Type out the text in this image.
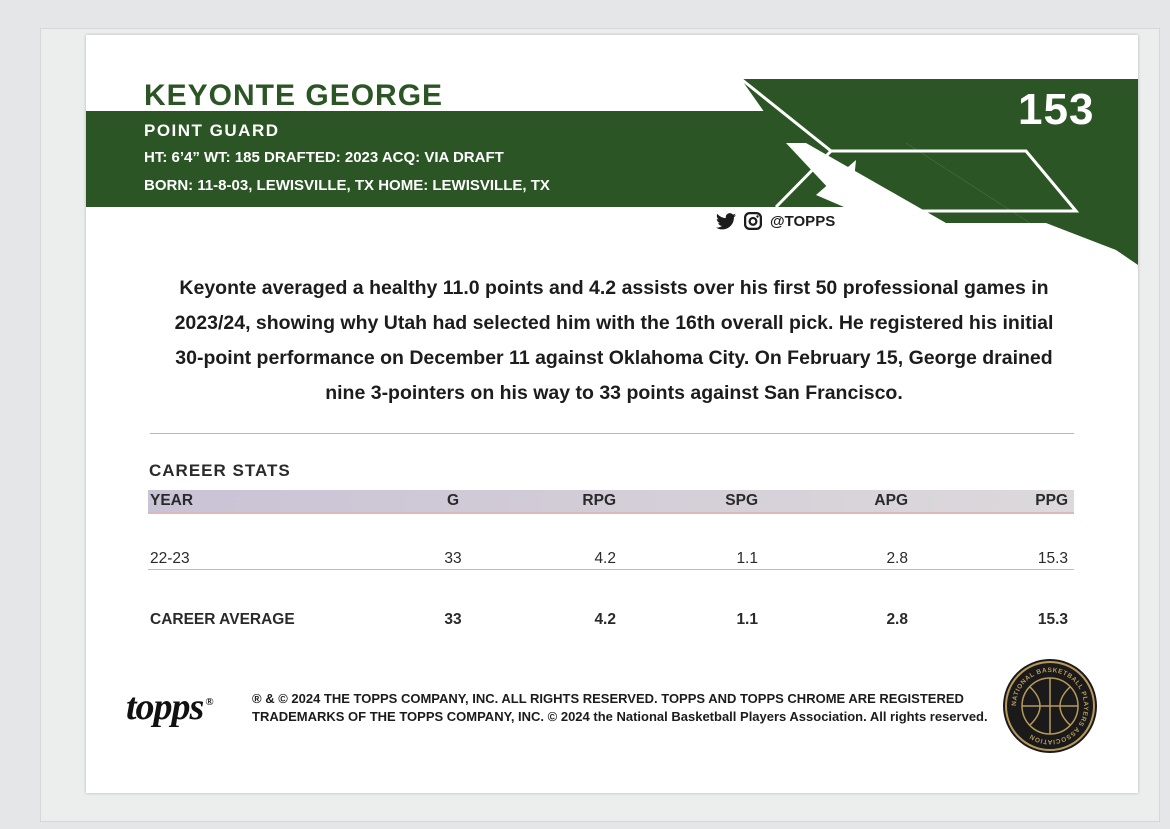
KEYONTE GEORGE
POINT GUARD
HT: 6’4” WT: 185 DRAFTED: 2023 ACQ: VIA DRAFT
BORN: 11-8-03, LEWISVILLE, TX HOME: LEWISVILLE, TX
153
@TOPPS
Keyonte averaged a healthy 11.0 points and 4.2 assists over his first 50 professional games in 2023/24, showing why Utah had selected him with the 16th overall pick. He registered his initial 30-point performance on December 11 against Oklahoma City. On February 15, George drained nine 3-pointers on his way to 33 points against San Francisco.
CAREER STATS
YEAR	G	RPG	SPG	APG	PPG
22-23	33	4.2	1.1	2.8	15.3
CAREER AVERAGE	33	4.2	1.1	2.8	15.3
topps ®	® & © 2024 THE TOPPS COMPANY, INC. ALL RIGHTS RESERVED. TOPPS AND TOPPS CHROME ARE REGISTERED
TRADEMARKS OF THE TOPPS COMPANY, INC. © 2024 the National Basketball Players Association. All rights reserved.
NATIONAL BASKETBALL PLAYERS ASSOCIATION
